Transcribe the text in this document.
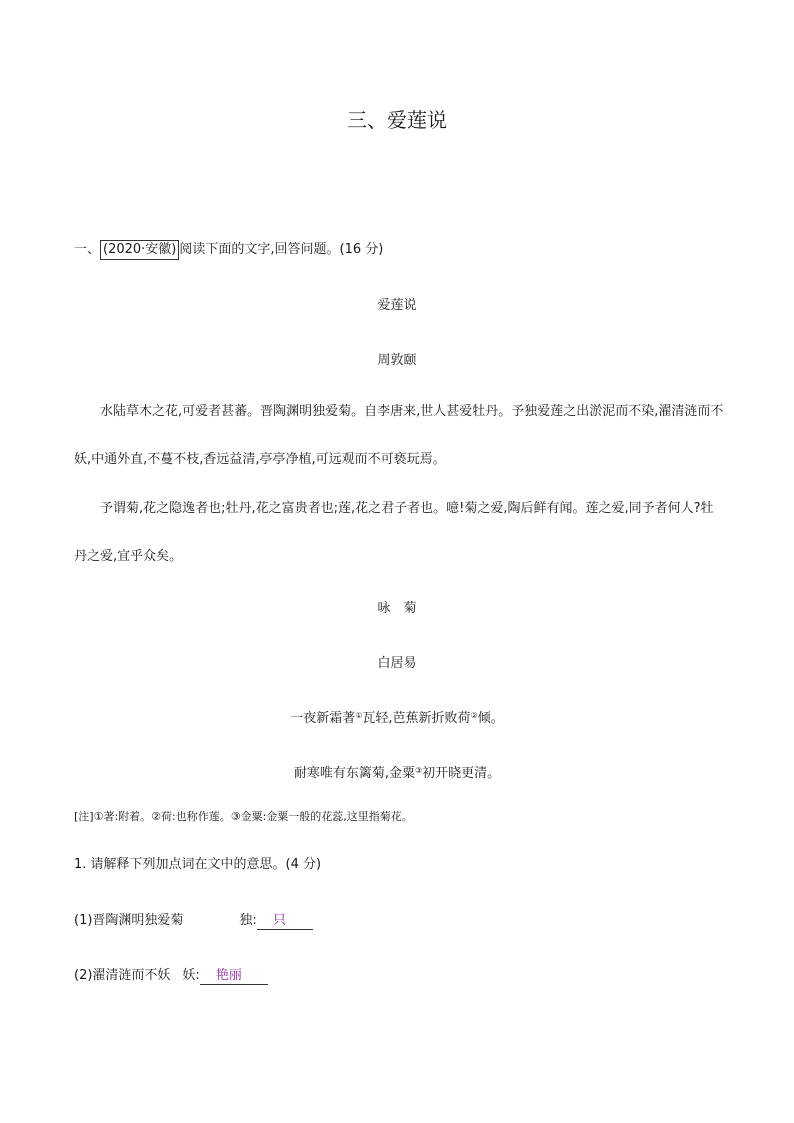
三、爱莲说
一、 (2020·安徽) 阅读下面的文字,回答问题。(16 分)
爱莲说
周敦颐

水陆草木之花,可爱者甚蕃。晋陶渊明独爱菊。自李唐来,世人甚爱牡丹。予独爱莲之出淤泥而不染,濯清涟而不妖,中通外直,不蔓不枝,香远益清,亭亭净植,可远观而不可亵玩焉。

予谓菊,花之隐逸者也;牡丹,花之富贵者也;莲,花之君子者也。噫!菊之爱,陶后鲜有闻。莲之爱,同予者何人?牡丹之爱,宜乎众矣。

咏　菊
白居易
一夜新霜著①瓦轻,芭蕉新折败荷②倾。
耐寒唯有东篱菊,金粟③初开晓更清。
[注]①著:附着。②荷:也称作莲。③金粟:金粟一般的花蕊,这里指菊花。
1. 请解释下列加点词在文中的意思。(4 分)
(1)晋陶渊明独爱菊	独: 只
(2)濯清涟而不妖 妖: 艳丽
